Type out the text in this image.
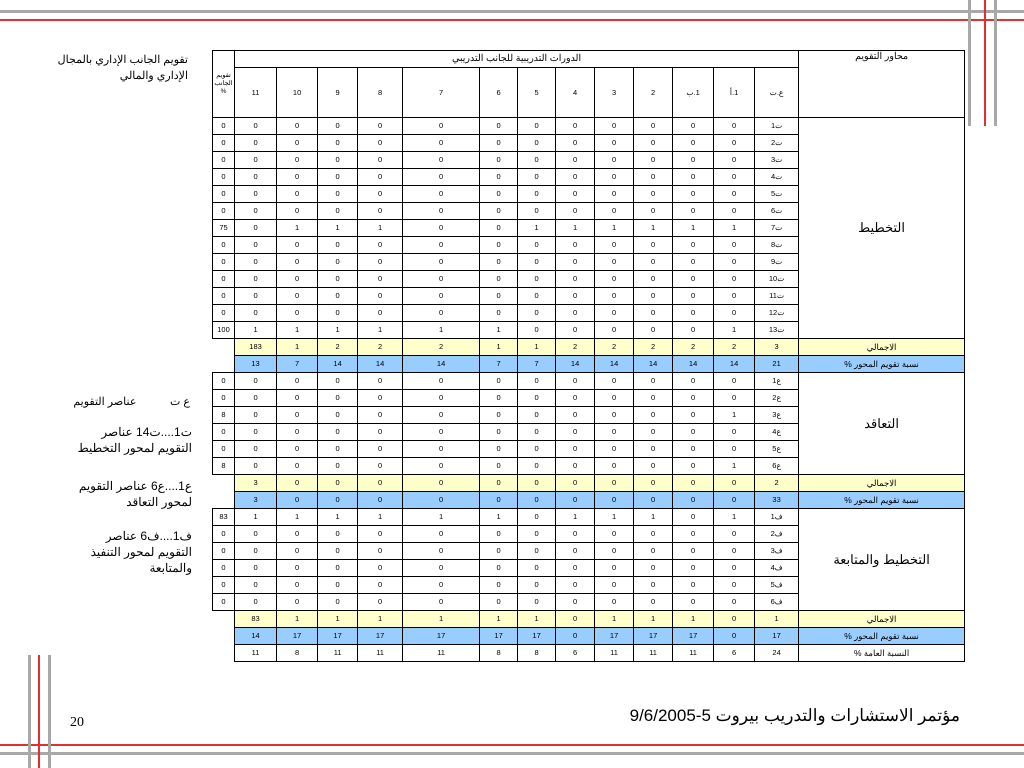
تقويم الجانب الإداري بالمجال الإداري والمالي
ع ت           عناصر التقويم
ت1....ت14 عناصر التقويم لمحور التخطيط
ع1....ع6 عناصر التقويم لمحور التعاقد
ف1....ف6 عناصر التقويم لمحور التنفيذ والمتابعة
محاور التقويم	الدورات التدريبية للجانب التدريبي													تقويم الجانب %
	ع.ت	1.أ	1.ب	2	3	4	5	6	7	8	9	10	11	
التخطيط	ت1	0	0	0	0	0	0	0	0	0	0	0	0	0
	ت2	0	0	0	0	0	0	0	0	0	0	0	0	0
	ت3	0	0	0	0	0	0	0	0	0	0	0	0	0
	ت4	0	0	0	0	0	0	0	0	0	0	0	0	0
	ت5	0	0	0	0	0	0	0	0	0	0	0	0	0
	ت6	0	0	0	0	0	0	0	0	0	0	0	0	0
	ت7	1	1	1	1	1	1	0	0	1	1	1	0	75
	ت8	0	0	0	0	0	0	0	0	0	0	0	0	0
	ت9	0	0	0	0	0	0	0	0	0	0	0	0	0
	ت10	0	0	0	0	0	0	0	0	0	0	0	0	0
	ت11	0	0	0	0	0	0	0	0	0	0	0	0	0
	ت12	0	0	0	0	0	0	0	0	0	0	0	0	0
	ت13	1	0	0	0	0	0	1	1	1	1	1	1	100
الاجمالي	3	2	2	2	2	2	1	1	2	2	2	1	183	
نسبة تقويم المحور %	21	14	14	14	14	14	7	7	14	14	14	7	13	
التعاقد	ع1	0	0	0	0	0	0	0	0	0	0	0	0	0
	ع2	0	0	0	0	0	0	0	0	0	0	0	0	0
	ع3	1	0	0	0	0	0	0	0	0	0	0	0	8
	ع4	0	0	0	0	0	0	0	0	0	0	0	0	0
	ع5	0	0	0	0	0	0	0	0	0	0	0	0	0
	ع6	1	0	0	0	0	0	0	0	0	0	0	0	8
الاجمالي	2	0	0	0	0	0	0	0	0	0	0	0	3	
نسبة تقويم المحور %	33	0	0	0	0	0	0	0	0	0	0	0	3	
التخطيط والمتابعة	ف1	1	0	1	1	1	0	1	1	1	1	1	1	83
	ف2	0	0	0	0	0	0	0	0	0	0	0	0	0
	ف3	0	0	0	0	0	0	0	0	0	0	0	0	0
	ف4	0	0	0	0	0	0	0	0	0	0	0	0	0
	ف5	0	0	0	0	0	0	0	0	0	0	0	0	0
	ف6	0	0	0	0	0	0	0	0	0	0	0	0	0
الاجمالي	1	0	1	1	1	0	1	1	1	1	1	1	83	
نسبة تقويم المحور %	17	0	17	17	17	0	17	17	17	17	17	17	14	
النسبة العامة %	24	6	11	11	11	6	8	8	11	11	11	8	11	
20	مؤتمر الاستشارات والتدريب بيروت 5-9/6/2005
